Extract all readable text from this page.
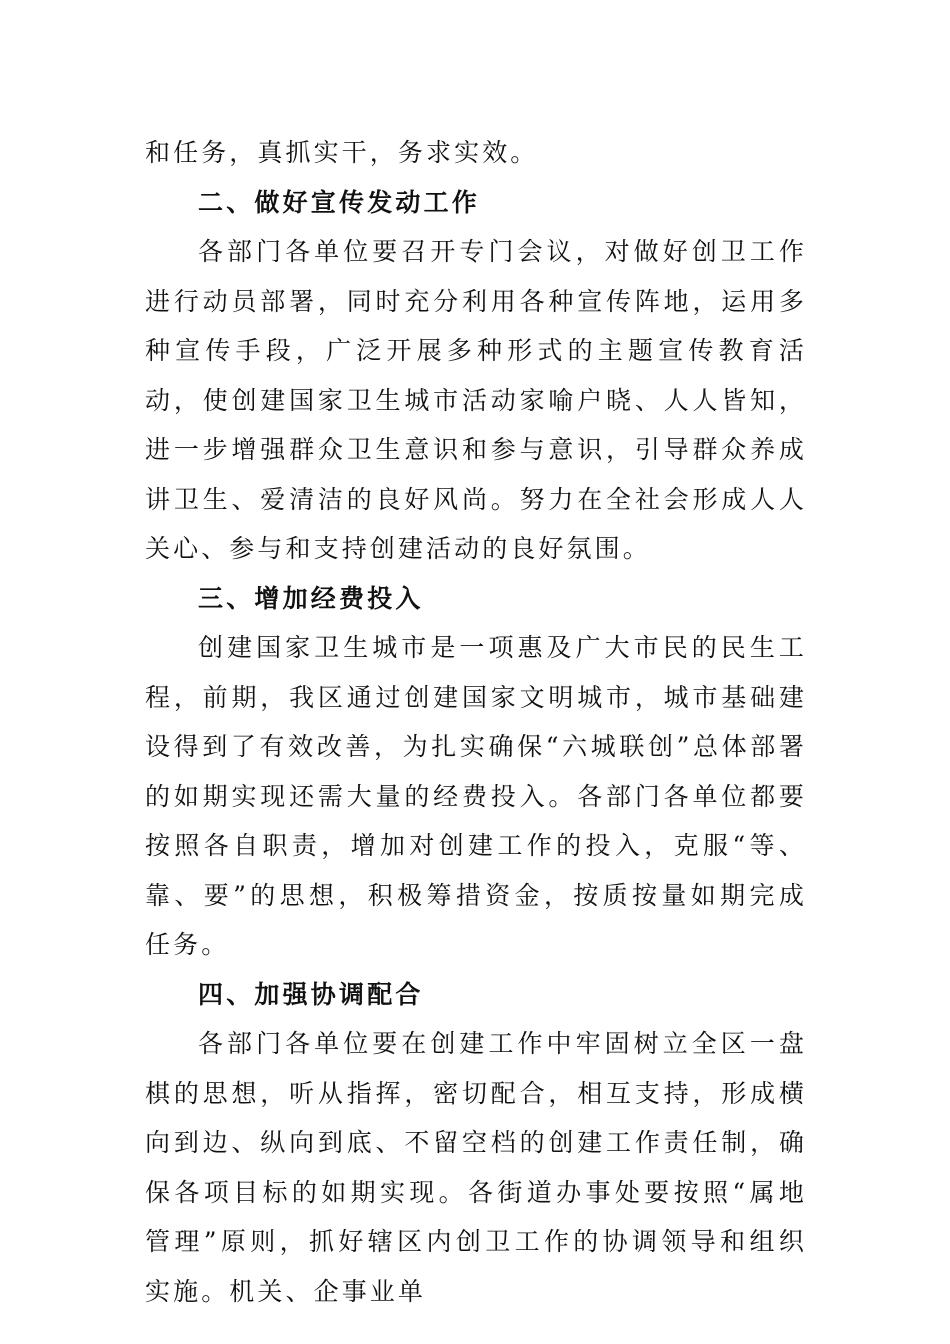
和任务，真抓实干，务求实效。

二、做好宣传发动工作

各部门各单位要召开专门会议，对做好创卫工作进行动员部署，同时充分利用各种宣传阵地，运用多种宣传手段，广泛开展多种形式的主题宣传教育活动，使创建国家卫生城市活动家喻户晓、人人皆知，进一步增强群众卫生意识和参与意识，引导群众养成讲卫生、爱清洁的良好风尚。努力在全社会形成人人关心、参与和支持创建活动的良好氛围。

三、增加经费投入

创建国家卫生城市是一项惠及广大市民的民生工程，前期，我区通过创建国家文明城市，城市基础建设得到了有效改善，为扎实确保“六城联创”总体部署的如期实现还需大量的经费投入。各部门各单位都要按照各自职责，增加对创建工作的投入，克服“等、靠、要”的思想，积极筹措资金，按质按量如期完成任务。

四、加强协调配合

各部门各单位要在创建工作中牢固树立全区一盘棋的思想，听从指挥，密切配合，相互支持，形成横向到边、纵向到底、不留空档的创建工作责任制，确保各项目标的如期实现。各街道办事处要按照“属地管理”原则，抓好辖区内创卫工作的协调领导和组织实施。机关、企事业单
